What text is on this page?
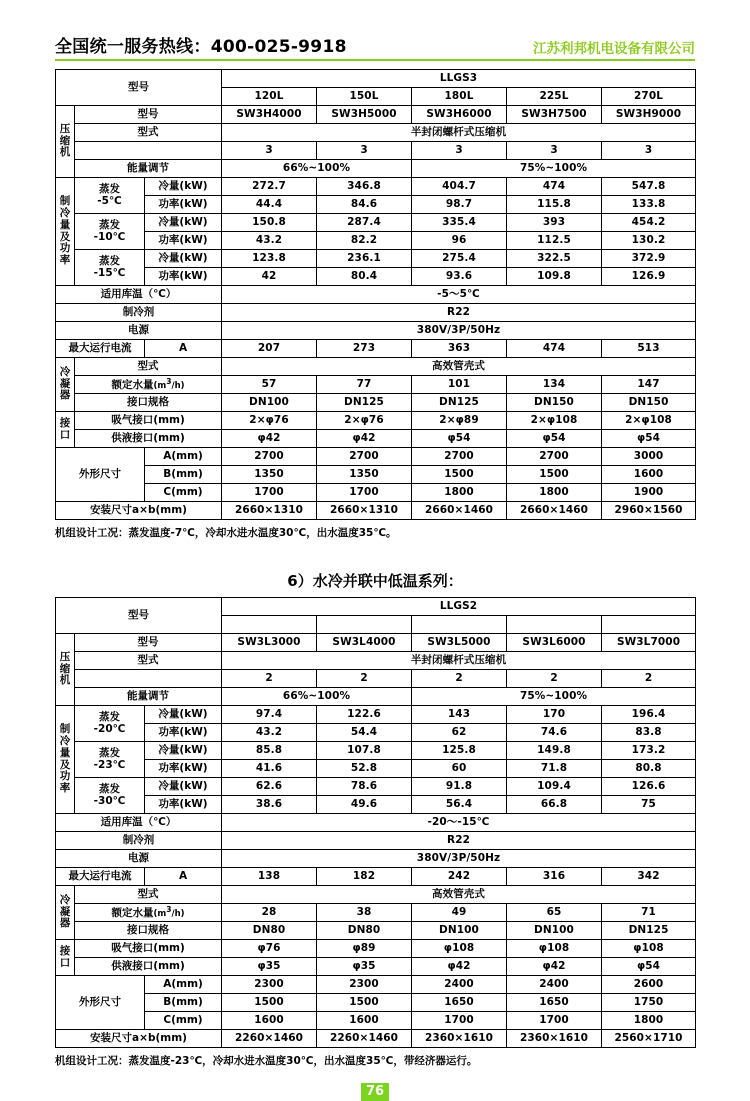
全国统一服务热线：400-025-9918	江苏利邦机电设备有限公司
型号			LLGS3				
			120L	150L	180L	225L	270L

压
缩
机	型号		SW3H4000	SW3H5000	SW3H6000	SW3H7500	SW3H9000
	型式		半封闭螺杆式压缩机				
			3	3	3	3	3
	能量调节		66%~100%		75%~100%		

制
冷
量
及
功
率
	蒸发
-5℃	冷量(kW)	272.7	346.8	404.7	474	547.8
		功率(kW)	44.4	84.6	98.7	115.8	133.8
	蒸发
-10℃	冷量(kW)	150.8	287.4	335.4	393	454.2
		功率(kW)	43.2	82.2	96	112.5	130.2
	蒸发
-15℃	冷量(kW)	123.8	236.1	275.4	322.5	372.9
		功率(kW)	42	80.4	93.6	109.8	126.9
适用库温（℃）			-5～5℃				
制冷剂			R22				
电源			380V/3P/50Hz				
最大运行电流		A	207	273	363	474	513

冷
凝
器	型式		高效管壳式				
	额定水量(m3/h)		57	77	101	134	147
	接口规格		DN100	DN125	DN125	DN150	DN150

接
口	吸气接口(mm)		2×φ76	2×φ76	2×φ89	2×φ108	2×φ108
	供液接口(mm)		φ42	φ42	φ54	φ54	φ54
外形尺寸		A(mm)	2700	2700	2700	2700	3000
		B(mm)	1350	1350	1500	1500	1600
		C(mm)	1700	1700	1800	1800	1900
安装尺寸a×b(mm)			2660×1310	2660×1310	2660×1460	2660×1460	2960×1560
机组设计工况：蒸发温度-7℃，冷却水进水温度30℃，出水温度35℃。
6）水冷并联中低温系列：
型号			LLGS2				

压
缩
机	型号		SW3L3000	SW3L4000	SW3L5000	SW3L6000	SW3L7000
	型式		半封闭螺杆式压缩机				
			2	2	2	2	2
	能量调节		66%~100%		75%~100%		

制
冷
量
及
功
率
	蒸发
-20℃	冷量(kW)	97.4	122.6	143	170	196.4
		功率(kW)	43.2	54.4	62	74.6	83.8
	蒸发
-23℃	冷量(kW)	85.8	107.8	125.8	149.8	173.2
		功率(kW)	41.6	52.8	60	71.8	80.8
	蒸发
-30℃	冷量(kW)	62.6	78.6	91.8	109.4	126.6
		功率(kW)	38.6	49.6	56.4	66.8	75
适用库温（℃）			-20～-15℃				
制冷剂			R22				
电源			380V/3P/50Hz				
最大运行电流		A	138	182	242	316	342

冷
凝
器	型式		高效管壳式				
	额定水量(m3/h)		28	38	49	65	71
	接口规格		DN80	DN80	DN100	DN100	DN125

接
口	吸气接口(mm)		φ76	φ89	φ108	φ108	φ108
	供液接口(mm)		φ35	φ35	φ42	φ42	φ54
外形尺寸		A(mm)	2300	2300	2400	2400	2600
		B(mm)	1500	1500	1650	1650	1750
		C(mm)	1600	1600	1700	1700	1800
安装尺寸a×b(mm)			2260×1460	2260×1460	2360×1610	2360×1610	2560×1710
机组设计工况：蒸发温度-23℃，冷却水进水温度30℃，出水温度35℃，带经济器运行。
76
